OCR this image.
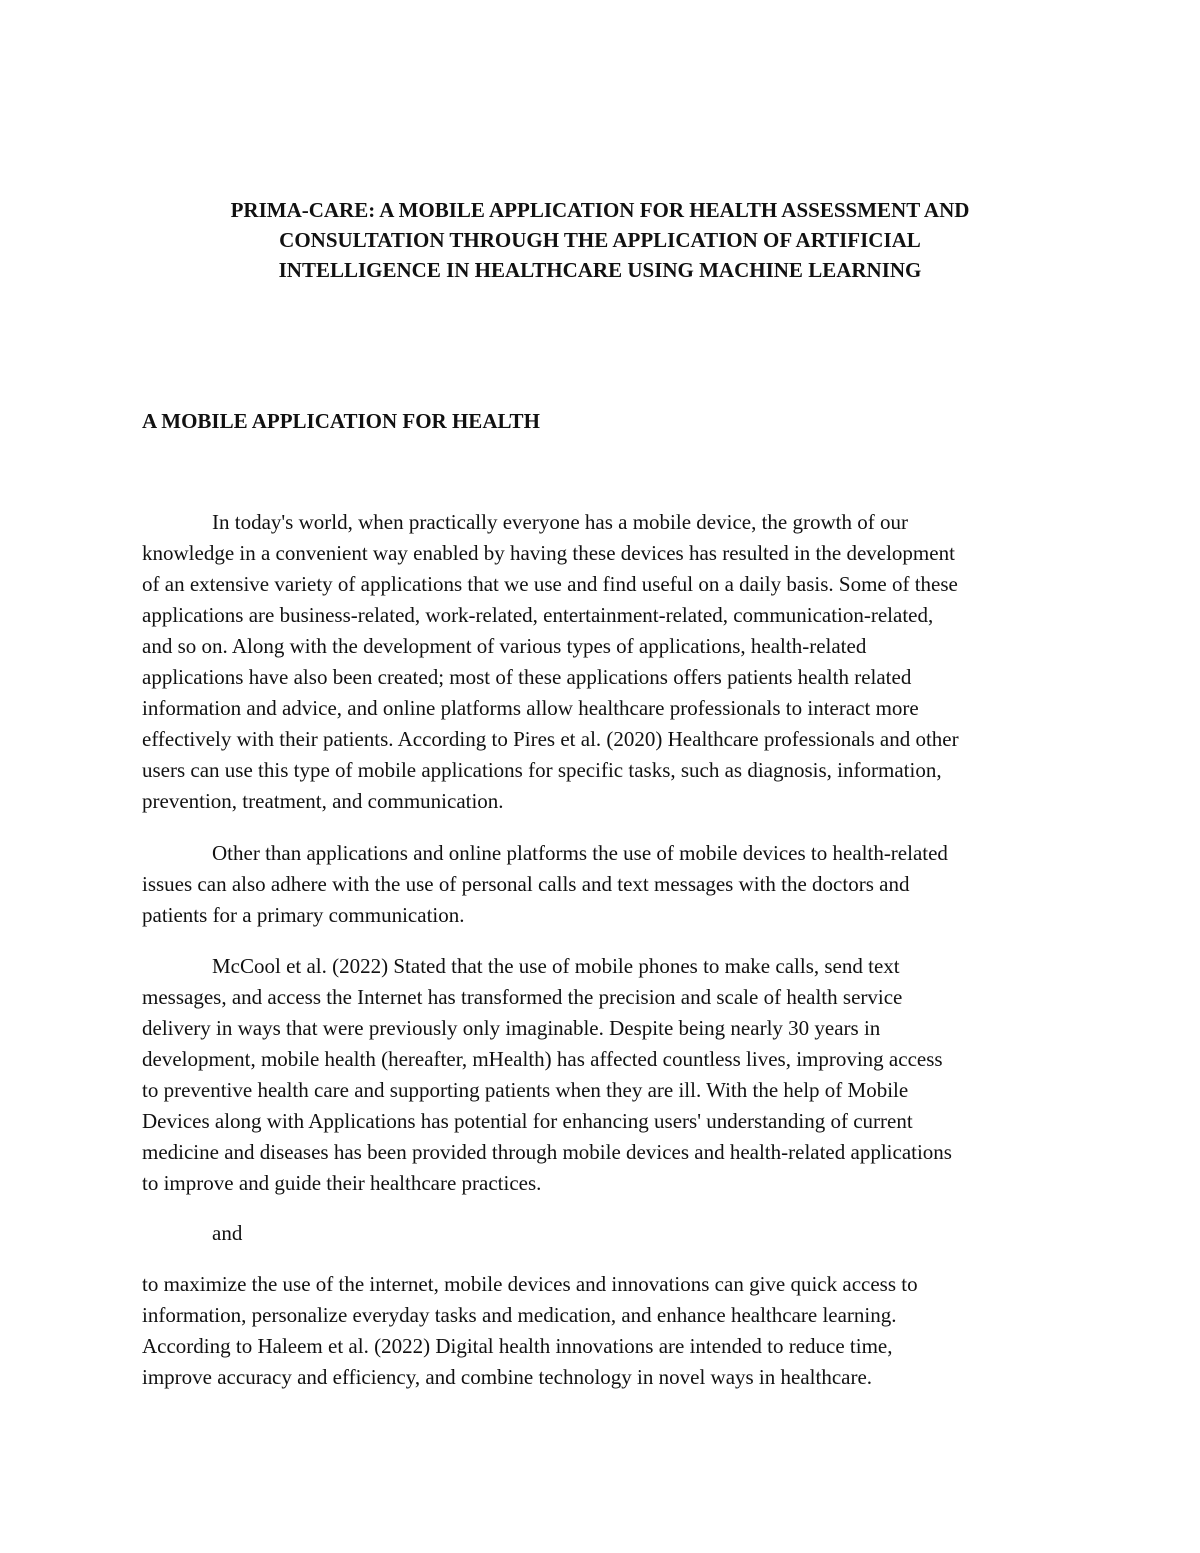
PRIMA-CARE: A MOBILE APPLICATION FOR HEALTH ASSESSMENT AND
CONSULTATION THROUGH THE APPLICATION OF ARTIFICIAL
INTELLIGENCE IN HEALTHCARE USING MACHINE LEARNING
A MOBILE APPLICATION FOR HEALTH
In today's world, when practically everyone has a mobile device, the growth of our
knowledge in a convenient way enabled by having these devices has resulted in the development
of an extensive variety of applications that we use and find useful on a daily basis. Some of these
applications are business-related, work-related, entertainment-related, communication-related,
and so on. Along with the development of various types of applications, health-related
applications have also been created; most of these applications offers patients health related
information and advice, and online platforms allow healthcare professionals to interact more
effectively with their patients. According to Pires et al. (2020) Healthcare professionals and other
users can use this type of mobile applications for specific tasks, such as diagnosis, information,
prevention, treatment, and communication.
Other than applications and online platforms the use of mobile devices to health-related
issues can also adhere with the use of personal calls and text messages with the doctors and
patients for a primary communication.
McCool et al. (2022) Stated that the use of mobile phones to make calls, send text
messages, and access the Internet has transformed the precision and scale of health service
delivery in ways that were previously only imaginable. Despite being nearly 30 years in
development, mobile health (hereafter, mHealth) has affected countless lives, improving access
to preventive health care and supporting patients when they are ill. With the help of Mobile
Devices along with Applications has potential for enhancing users' understanding of current
medicine and diseases has been provided through mobile devices and health-related applications
to improve and guide their healthcare practices.
and
to maximize the use of the internet, mobile devices and innovations can give quick access to
information, personalize everyday tasks and medication, and enhance healthcare learning.
According to Haleem et al. (2022) Digital health innovations are intended to reduce time,
improve accuracy and efficiency, and combine technology in novel ways in healthcare.
